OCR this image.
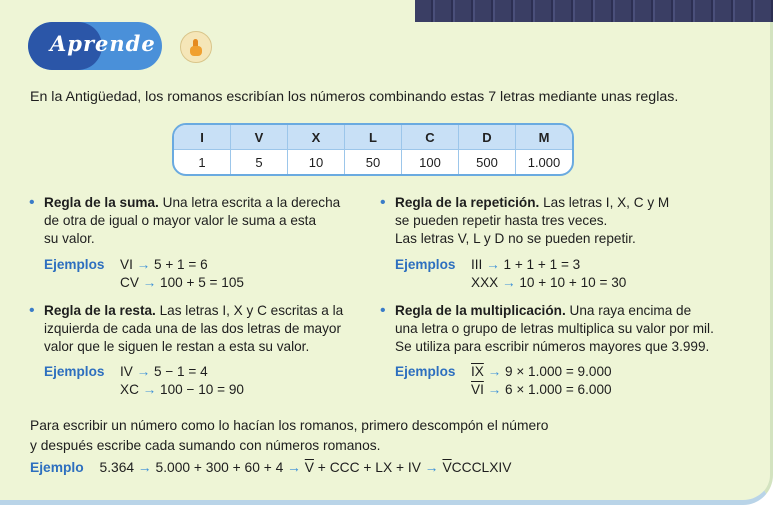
Aprende
En la Antigüedad, los romanos escribían los números combinando estas 7 letras mediante unas reglas.
I	V	X	L	C	D	M
1	5	10	50	100	500	1.000
• Regla de la suma. Una letra escrita a la derecha
de otra de igual o mayor valor le suma a esta
su valor.
Ejemplos VI → 5 + 1 = 6
CV → 100 + 5 = 105
• Regla de la resta. Las letras I, X y C escritas a la
izquierda de cada una de las dos letras de mayor
valor que le siguen le restan a esta su valor.
Ejemplos IV → 5 − 1 = 4
XC → 100 − 10 = 90
• Regla de la repetición. Las letras I, X, C y M
se pueden repetir hasta tres veces.
Las letras V, L y D no se pueden repetir.
Ejemplos III → 1 + 1 + 1 = 3
XXX → 10 + 10 + 10 = 30
• Regla de la multiplicación. Una raya encima de
una letra o grupo de letras multiplica su valor por mil.
Se utiliza para escribir números mayores que 3.999.
Ejemplos $\overline{IX} \to 9 \times 1.000 = 9.000$
$\overline{VI} \to 6 \times 1.000 = 6.000$
Para escribir un número como lo hacían los romanos, primero descompón el número
y después escribe cada sumando con números romanos.
Ejemplo $5.364 \to 5.000 + 300 + 60 + 4 \to \overline{V}$ + CCC + LX + IV → $\overline{V}CCCLXIV$
